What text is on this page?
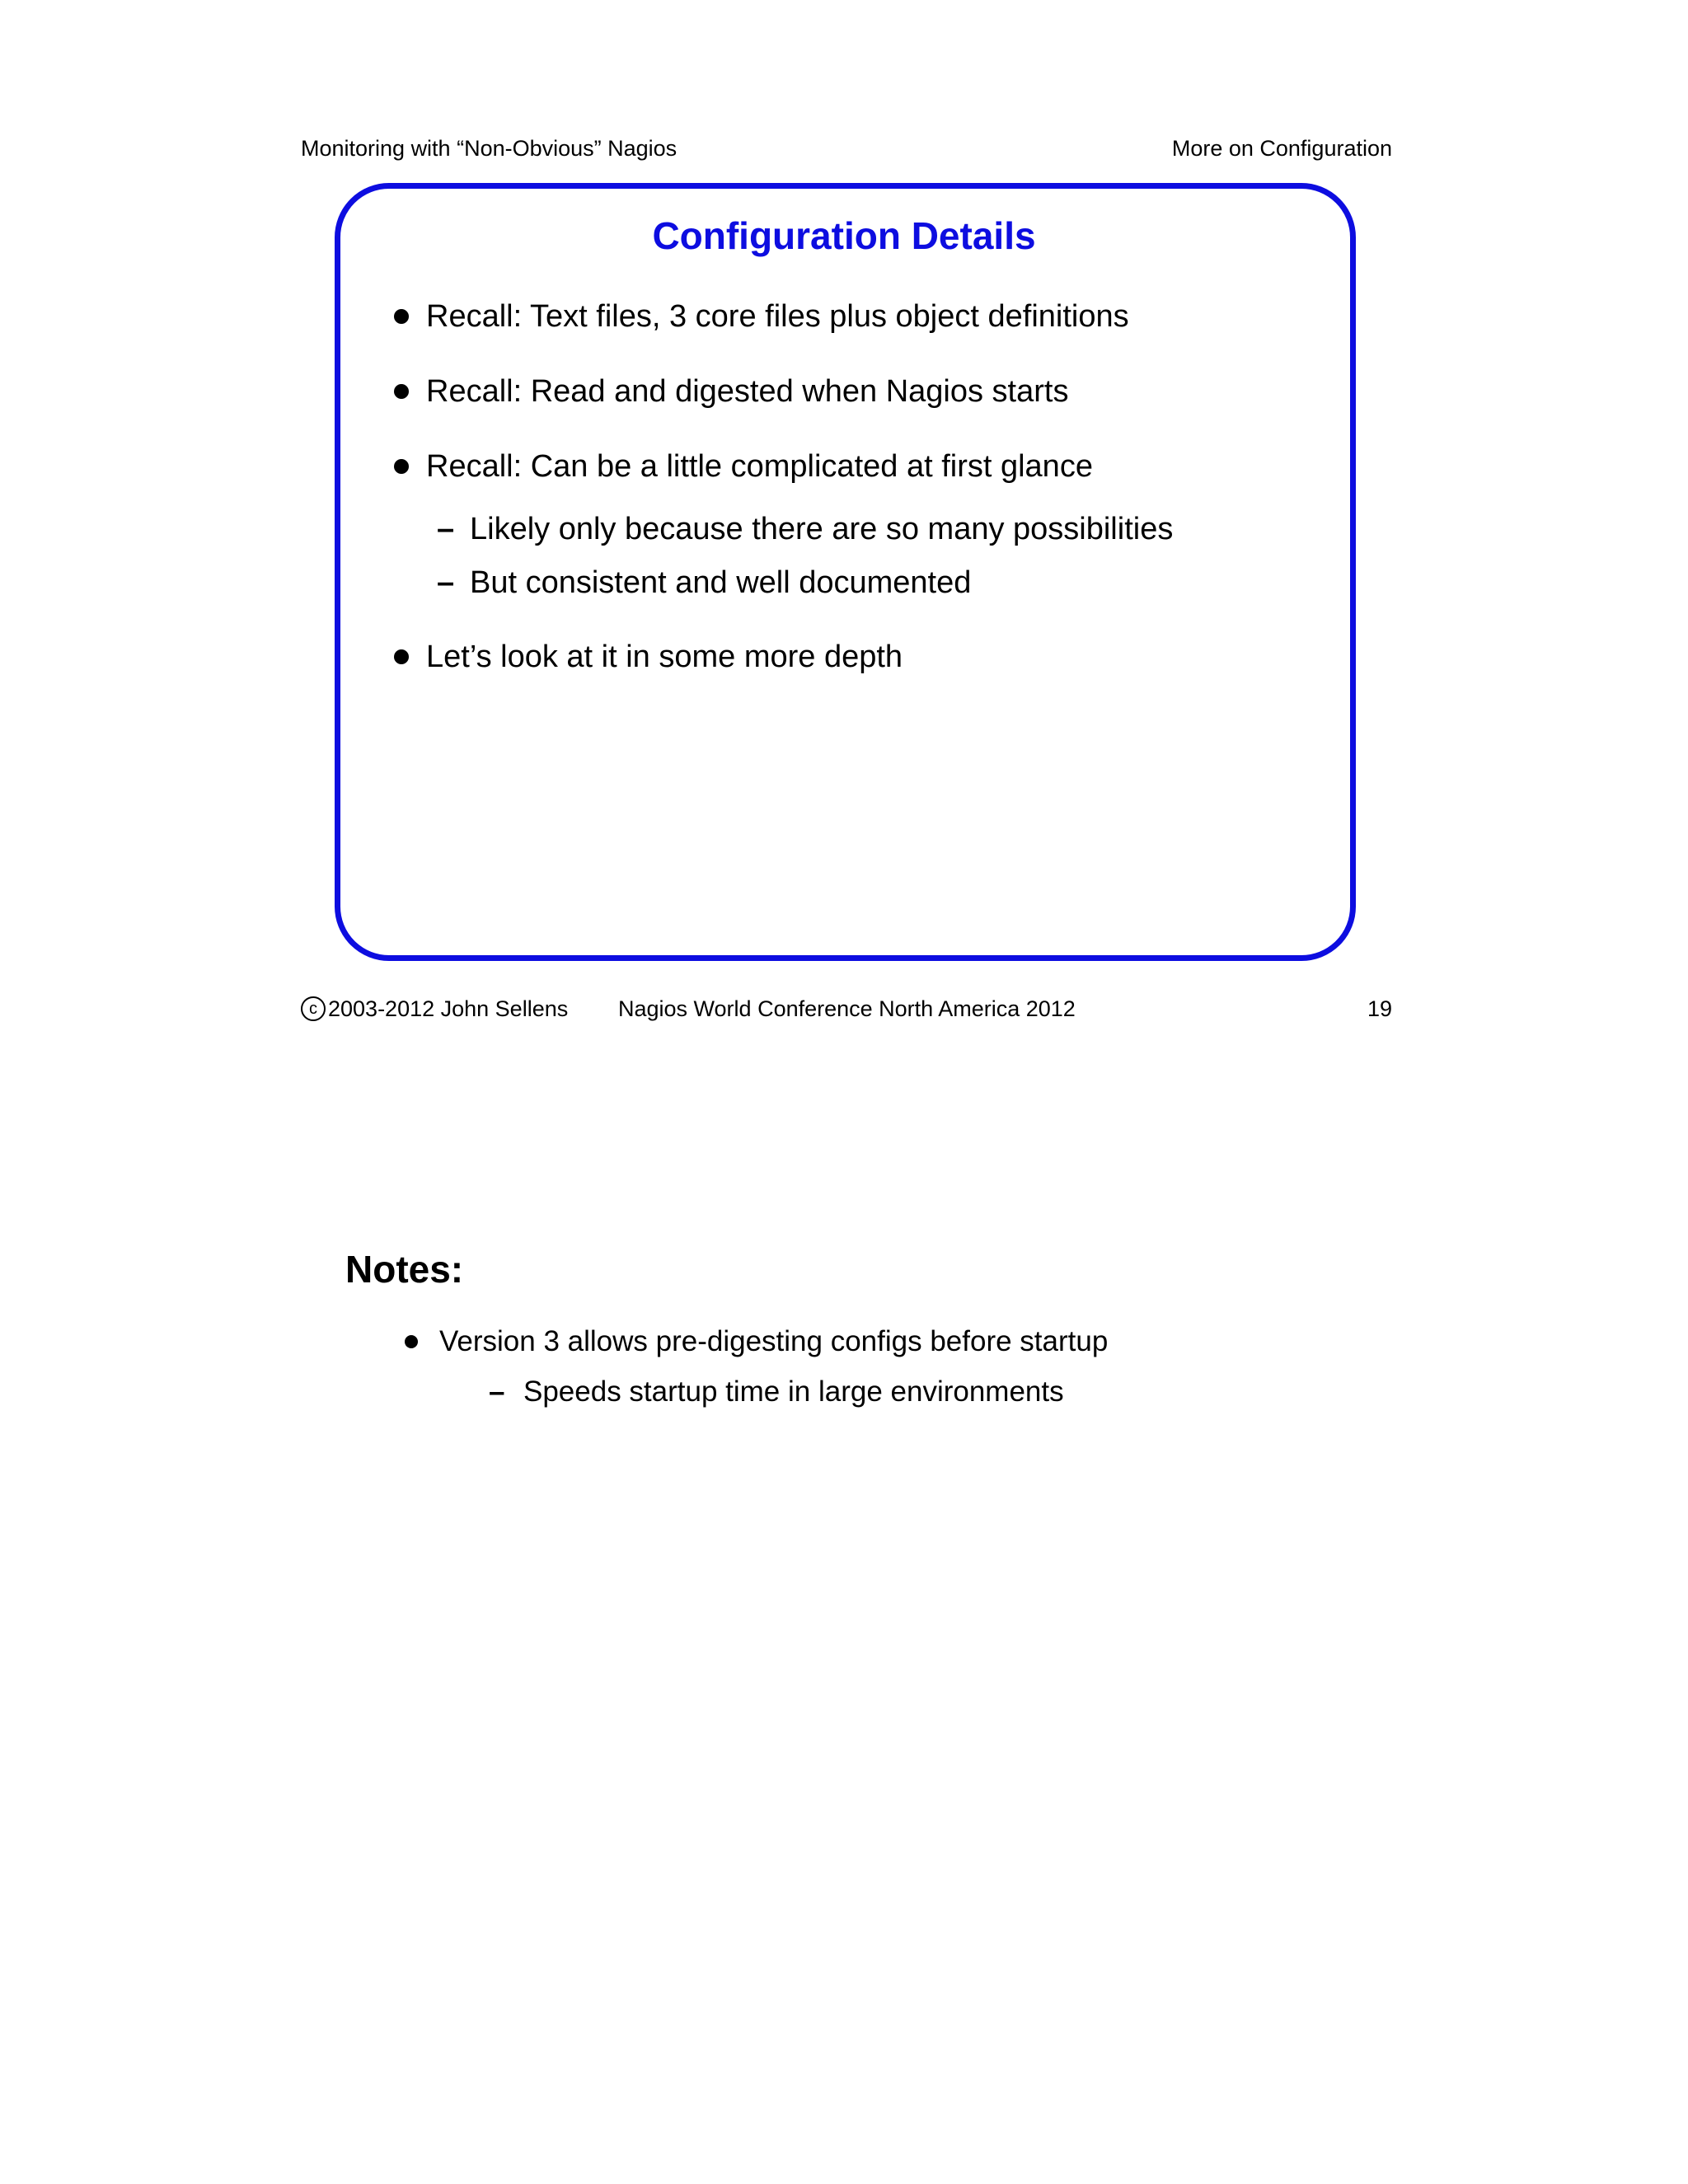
Monitoring with “Non-Obvious” Nagios	More on Configuration
Configuration Details
Recall: Text files, 3 core files plus object definitions
Recall: Read and digested when Nagios starts
Recall: Can be a little complicated at first glance
– Likely only because there are so many possibilities
– But consistent and well documented
Let’s look at it in some more depth
c 2003-2012 John Sellens Nagios World Conference North America 2012	19
Notes:
Version 3 allows pre-digesting configs before startup
– Speeds startup time in large environments
